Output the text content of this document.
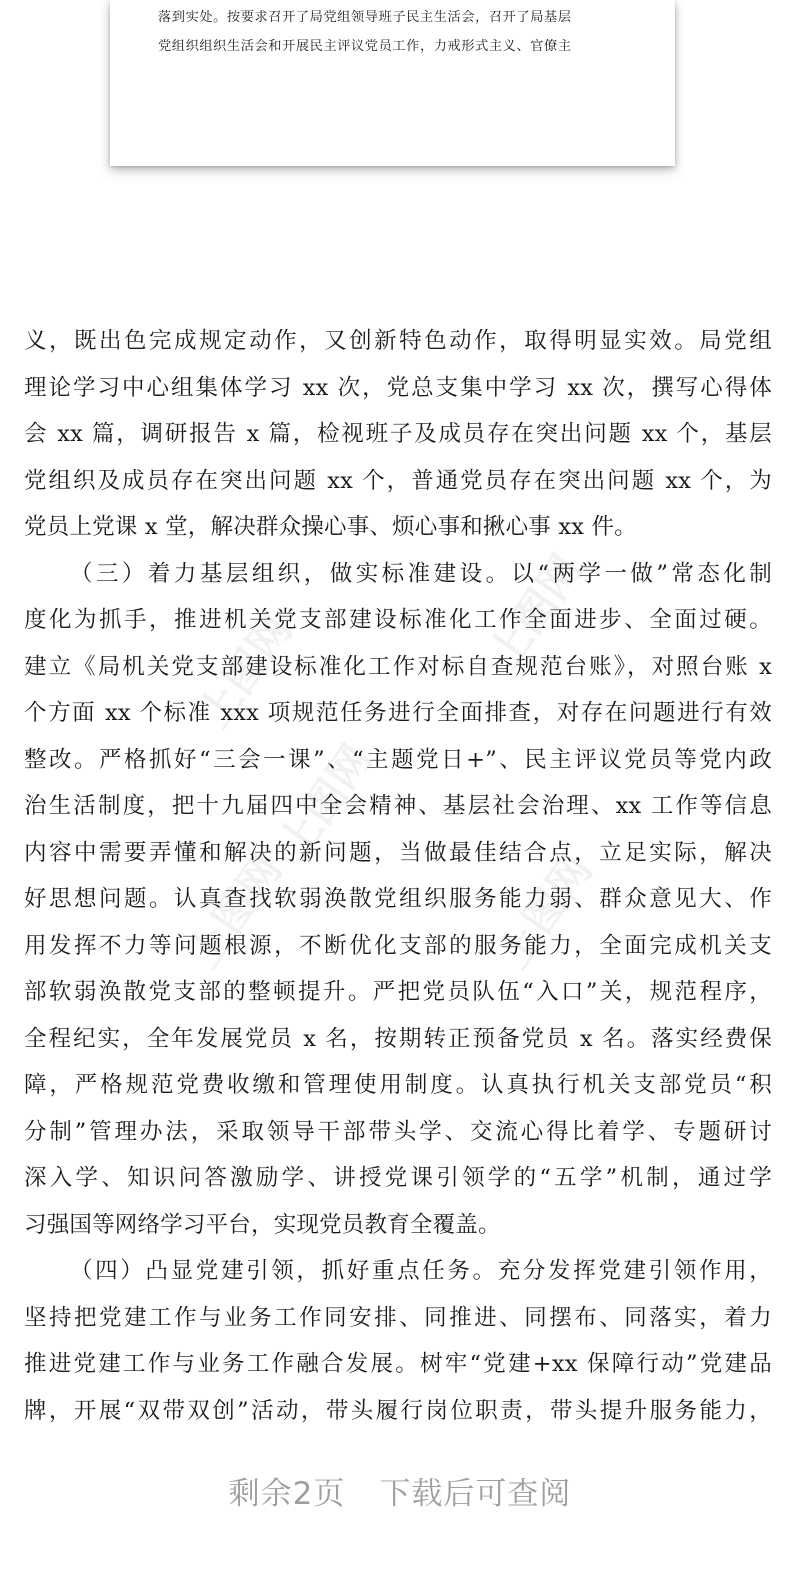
落到实处。按要求召开了局党组领导班子民主生活会，召开了局基层
党组织组织生活会和开展民主评议党员工作，力戒形式主义、官僚主
上图网	上图网
上图网
上图网	上图网
义，既出色完成规定动作，又创新特色动作，取得明显实效。局党组
理论学习中心组集体学习 xx 次，党总支集中学习 xx 次，撰写心得体
会 xx 篇，调研报告 x 篇，检视班子及成员存在突出问题 xx 个，基层
党组织及成员存在突出问题 xx 个，普通党员存在突出问题 xx 个，为
党员上党课 x 堂，解决群众操心事、烦心事和揪心事 xx 件。
（三）着力基层组织，做实标准建设。以“两学一做”常态化制
度化为抓手，推进机关党支部建设标准化工作全面进步、全面过硬。
建立《局机关党支部建设标准化工作对标自查规范台账》，对照台账 x
个方面 xx 个标准 xxx 项规范任务进行全面排查，对存在问题进行有效
整改。严格抓好“三会一课”、“主题党日+”、民主评议党员等党内政
治生活制度，把十九届四中全会精神、基层社会治理、xx 工作等信息
内容中需要弄懂和解决的新问题，当做最佳结合点，立足实际，解决
好思想问题。认真查找软弱涣散党组织服务能力弱、群众意见大、作
用发挥不力等问题根源，不断优化支部的服务能力，全面完成机关支
部软弱涣散党支部的整顿提升。严把党员队伍“入口”关，规范程序，
全程纪实，全年发展党员 x 名，按期转正预备党员 x 名。落实经费保
障，严格规范党费收缴和管理使用制度。认真执行机关支部党员“积
分制”管理办法，采取领导干部带头学、交流心得比着学、专题研讨
深入学、知识问答激励学、讲授党课引领学的“五学”机制，通过学
习强国等网络学习平台，实现党员教育全覆盖。
（四）凸显党建引领，抓好重点任务。充分发挥党建引领作用，
坚持把党建工作与业务工作同安排、同推进、同摆布、同落实，着力
推进党建工作与业务工作融合发展。树牢“党建+xx 保障行动”党建品
牌，开展“双带双创”活动，带头履行岗位职责，带头提升服务能力，
剩余2页 下载后可查阅
